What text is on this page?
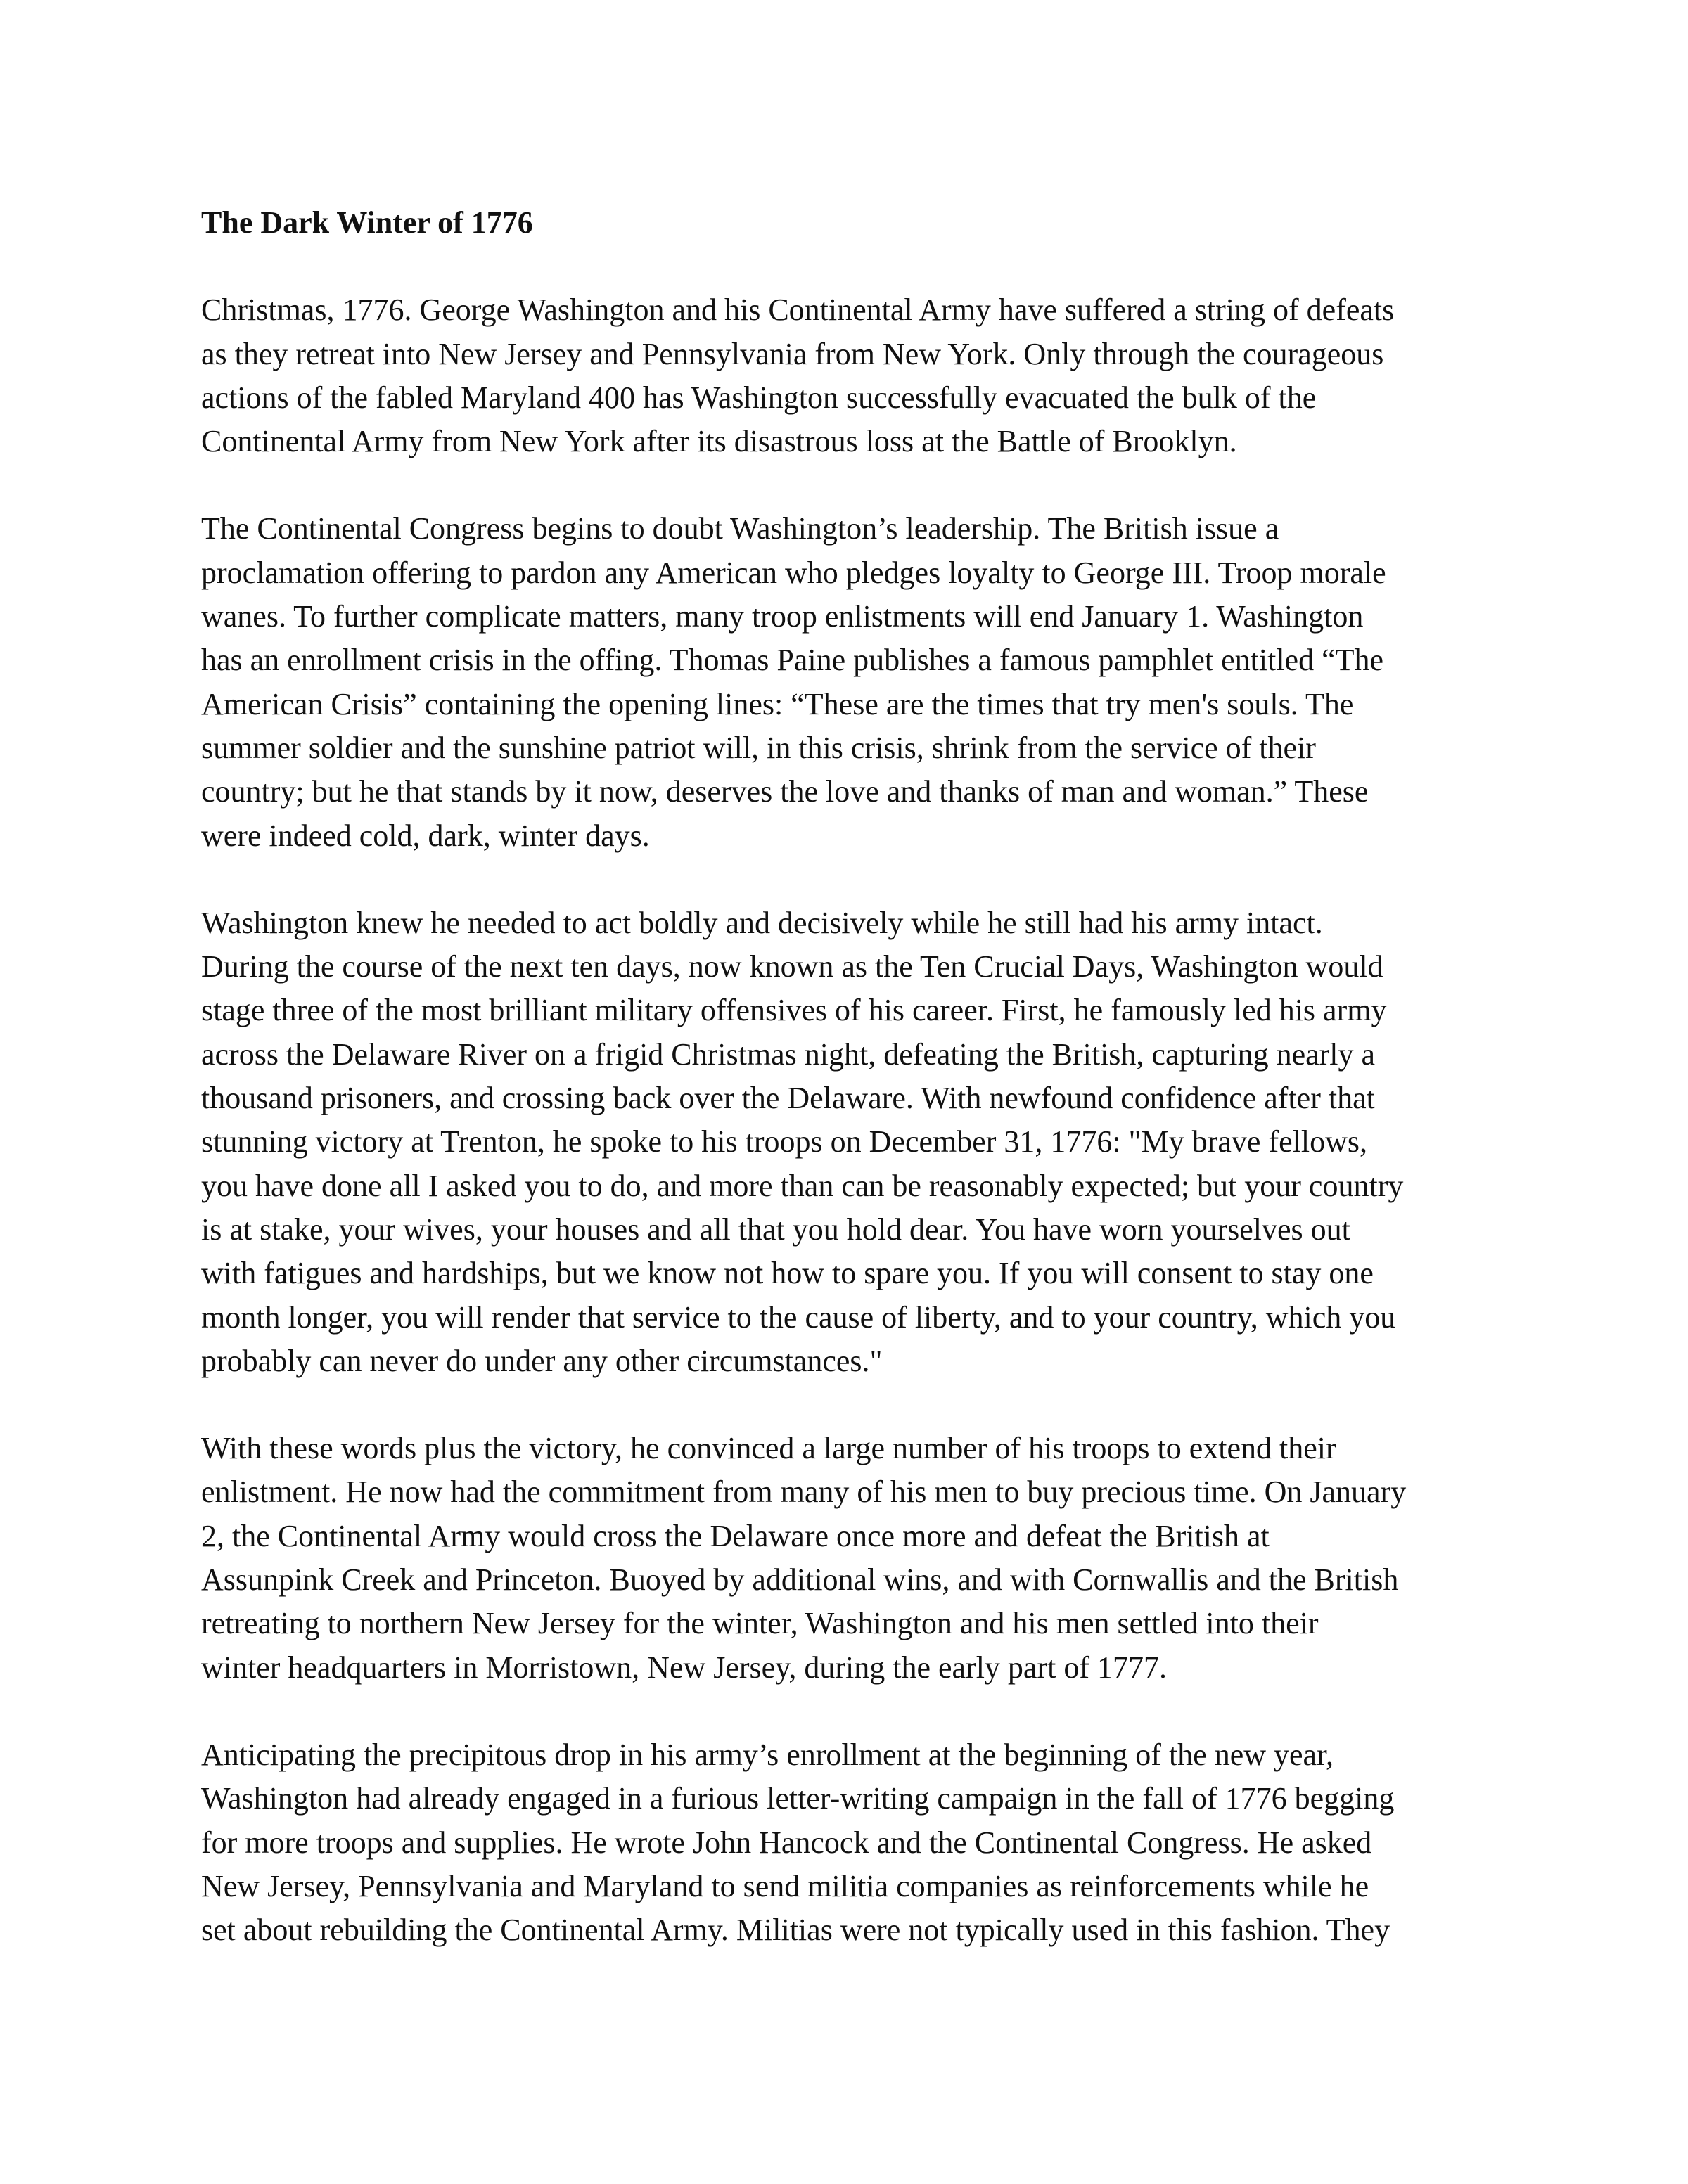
The Dark Winter of 1776
Christmas, 1776. George Washington and his Continental Army have suffered a string of defeats
as they retreat into New Jersey and Pennsylvania from New York. Only through the courageous
actions of the fabled Maryland 400 has Washington successfully evacuated the bulk of the
Continental Army from New York after its disastrous loss at the Battle of Brooklyn.
The Continental Congress begins to doubt Washington’s leadership. The British issue a
proclamation offering to pardon any American who pledges loyalty to George III. Troop morale
wanes. To further complicate matters, many troop enlistments will end January 1. Washington
has an enrollment crisis in the offing. Thomas Paine publishes a famous pamphlet entitled “The
American Crisis” containing the opening lines: “These are the times that try men's souls. The
summer soldier and the sunshine patriot will, in this crisis, shrink from the service of their
country; but he that stands by it now, deserves the love and thanks of man and woman.” These
were indeed cold, dark, winter days.
Washington knew he needed to act boldly and decisively while he still had his army intact.
During the course of the next ten days, now known as the Ten Crucial Days, Washington would
stage three of the most brilliant military offensives of his career. First, he famously led his army
across the Delaware River on a frigid Christmas night, defeating the British, capturing nearly a
thousand prisoners, and crossing back over the Delaware. With newfound confidence after that
stunning victory at Trenton, he spoke to his troops on December 31, 1776: "My brave fellows,
you have done all I asked you to do, and more than can be reasonably expected; but your country
is at stake, your wives, your houses and all that you hold dear. You have worn yourselves out
with fatigues and hardships, but we know not how to spare you. If you will consent to stay one
month longer, you will render that service to the cause of liberty, and to your country, which you
probably can never do under any other circumstances."
With these words plus the victory, he convinced a large number of his troops to extend their
enlistment. He now had the commitment from many of his men to buy precious time. On January
2, the Continental Army would cross the Delaware once more and defeat the British at
Assunpink Creek and Princeton. Buoyed by additional wins, and with Cornwallis and the British
retreating to northern New Jersey for the winter, Washington and his men settled into their
winter headquarters in Morristown, New Jersey, during the early part of 1777.
Anticipating the precipitous drop in his army’s enrollment at the beginning of the new year,
Washington had already engaged in a furious letter-writing campaign in the fall of 1776 begging
for more troops and supplies. He wrote John Hancock and the Continental Congress. He asked
New Jersey, Pennsylvania and Maryland to send militia companies as reinforcements while he
set about rebuilding the Continental Army. Militias were not typically used in this fashion. They
